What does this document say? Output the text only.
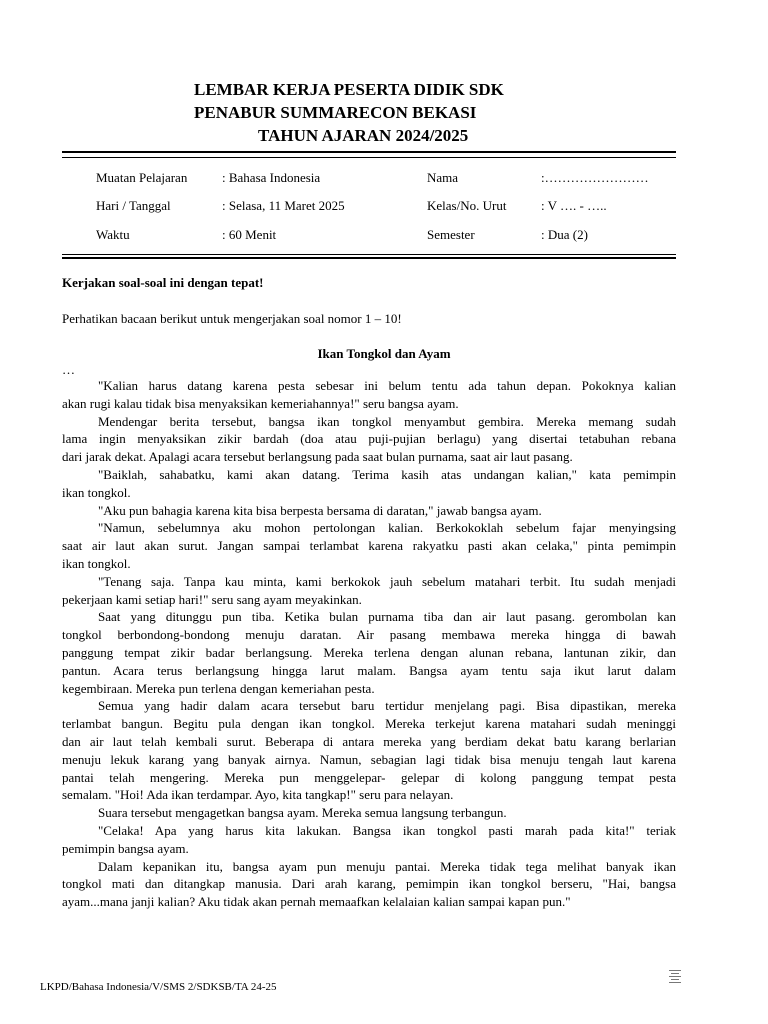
LEMBAR KERJA PESERTA DIDIK SDK
PENABUR SUMMARECON BEKASI
TAHUN AJARAN 2024/2025
Muatan Pelajaran	: Bahasa Indonesia	Nama	:……………………
Hari / Tanggal	: Selasa, 11 Maret 2025	Kelas/No. Urut	: V …. - …..
Waktu	: 60 Menit	Semester	: Dua (2)
Kerjakan soal-soal ini dengan tepat!
Perhatikan bacaan berikut untuk mengerjakan soal nomor 1 – 10!
Ikan Tongkol dan Ayam
…
"Kalian harus datang karena pesta sebesar ini belum tentu ada tahun depan. Pokoknya kalian
akan rugi kalau tidak bisa menyaksikan kemeriahannya!" seru bangsa ayam.
Mendengar berita tersebut, bangsa ikan tongkol menyambut gembira. Mereka memang sudah
lama ingin menyaksikan zikir bardah (doa atau puji-pujian berlagu) yang disertai tetabuhan rebana
dari jarak dekat. Apalagi acara tersebut berlangsung pada saat bulan purnama, saat air laut pasang.
"Baiklah, sahabatku, kami akan datang. Terima kasih atas undangan kalian," kata pemimpin
ikan tongkol.
"Aku pun bahagia karena kita bisa berpesta bersama di daratan," jawab bangsa ayam.
"Namun, sebelumnya aku mohon pertolongan kalian. Berkokoklah sebelum fajar menyingsing
saat air laut akan surut. Jangan sampai terlambat karena rakyatku pasti akan celaka," pinta pemimpin
ikan tongkol.
"Tenang saja. Tanpa kau minta, kami berkokok jauh sebelum matahari terbit. Itu sudah menjadi
pekerjaan kami setiap hari!" seru sang ayam meyakinkan.
Saat yang ditunggu pun tiba. Ketika bulan purnama tiba dan air laut pasang. gerombolan kan
tongkol berbondong-bondong menuju daratan. Air pasang membawa mereka hingga di bawah
panggung tempat zikir badar berlangsung. Mereka terlena dengan alunan rebana, lantunan zikir, dan
pantun. Acara terus berlangsung hingga larut malam. Bangsa ayam tentu saja ikut larut dalam
kegembiraan. Mereka pun terlena dengan kemeriahan pesta.
Semua yang hadir dalam acara tersebut baru tertidur menjelang pagi. Bisa dipastikan, mereka
terlambat bangun. Begitu pula dengan ikan tongkol. Mereka terkejut karena matahari sudah meninggi
dan air laut telah kembali surut. Beberapa di antara mereka yang berdiam dekat batu karang berlarian
menuju lekuk karang yang banyak airnya. Namun, sebagian lagi tidak bisa menuju tengah laut karena
pantai telah mengering. Mereka pun menggelepar- gelepar di kolong panggung tempat pesta
semalam. "Hoi! Ada ikan terdampar. Ayo, kita tangkap!" seru para nelayan.
Suara tersebut mengagetkan bangsa ayam. Mereka semua langsung terbangun.
"Celaka! Apa yang harus kita lakukan. Bangsa ikan tongkol pasti marah pada kita!" teriak
pemimpin bangsa ayam.
Dalam kepanikan itu, bangsa ayam pun menuju pantai. Mereka tidak tega melihat banyak ikan
tongkol mati dan ditangkap manusia. Dari arah karang, pemimpin ikan tongkol berseru, "Hai, bangsa
ayam...mana janji kalian? Aku tidak akan pernah memaafkan kelalaian kalian sampai kapan pun."
LKPD/Bahasa Indonesia/V/SMS 2/SDKSB/TA 24-25
